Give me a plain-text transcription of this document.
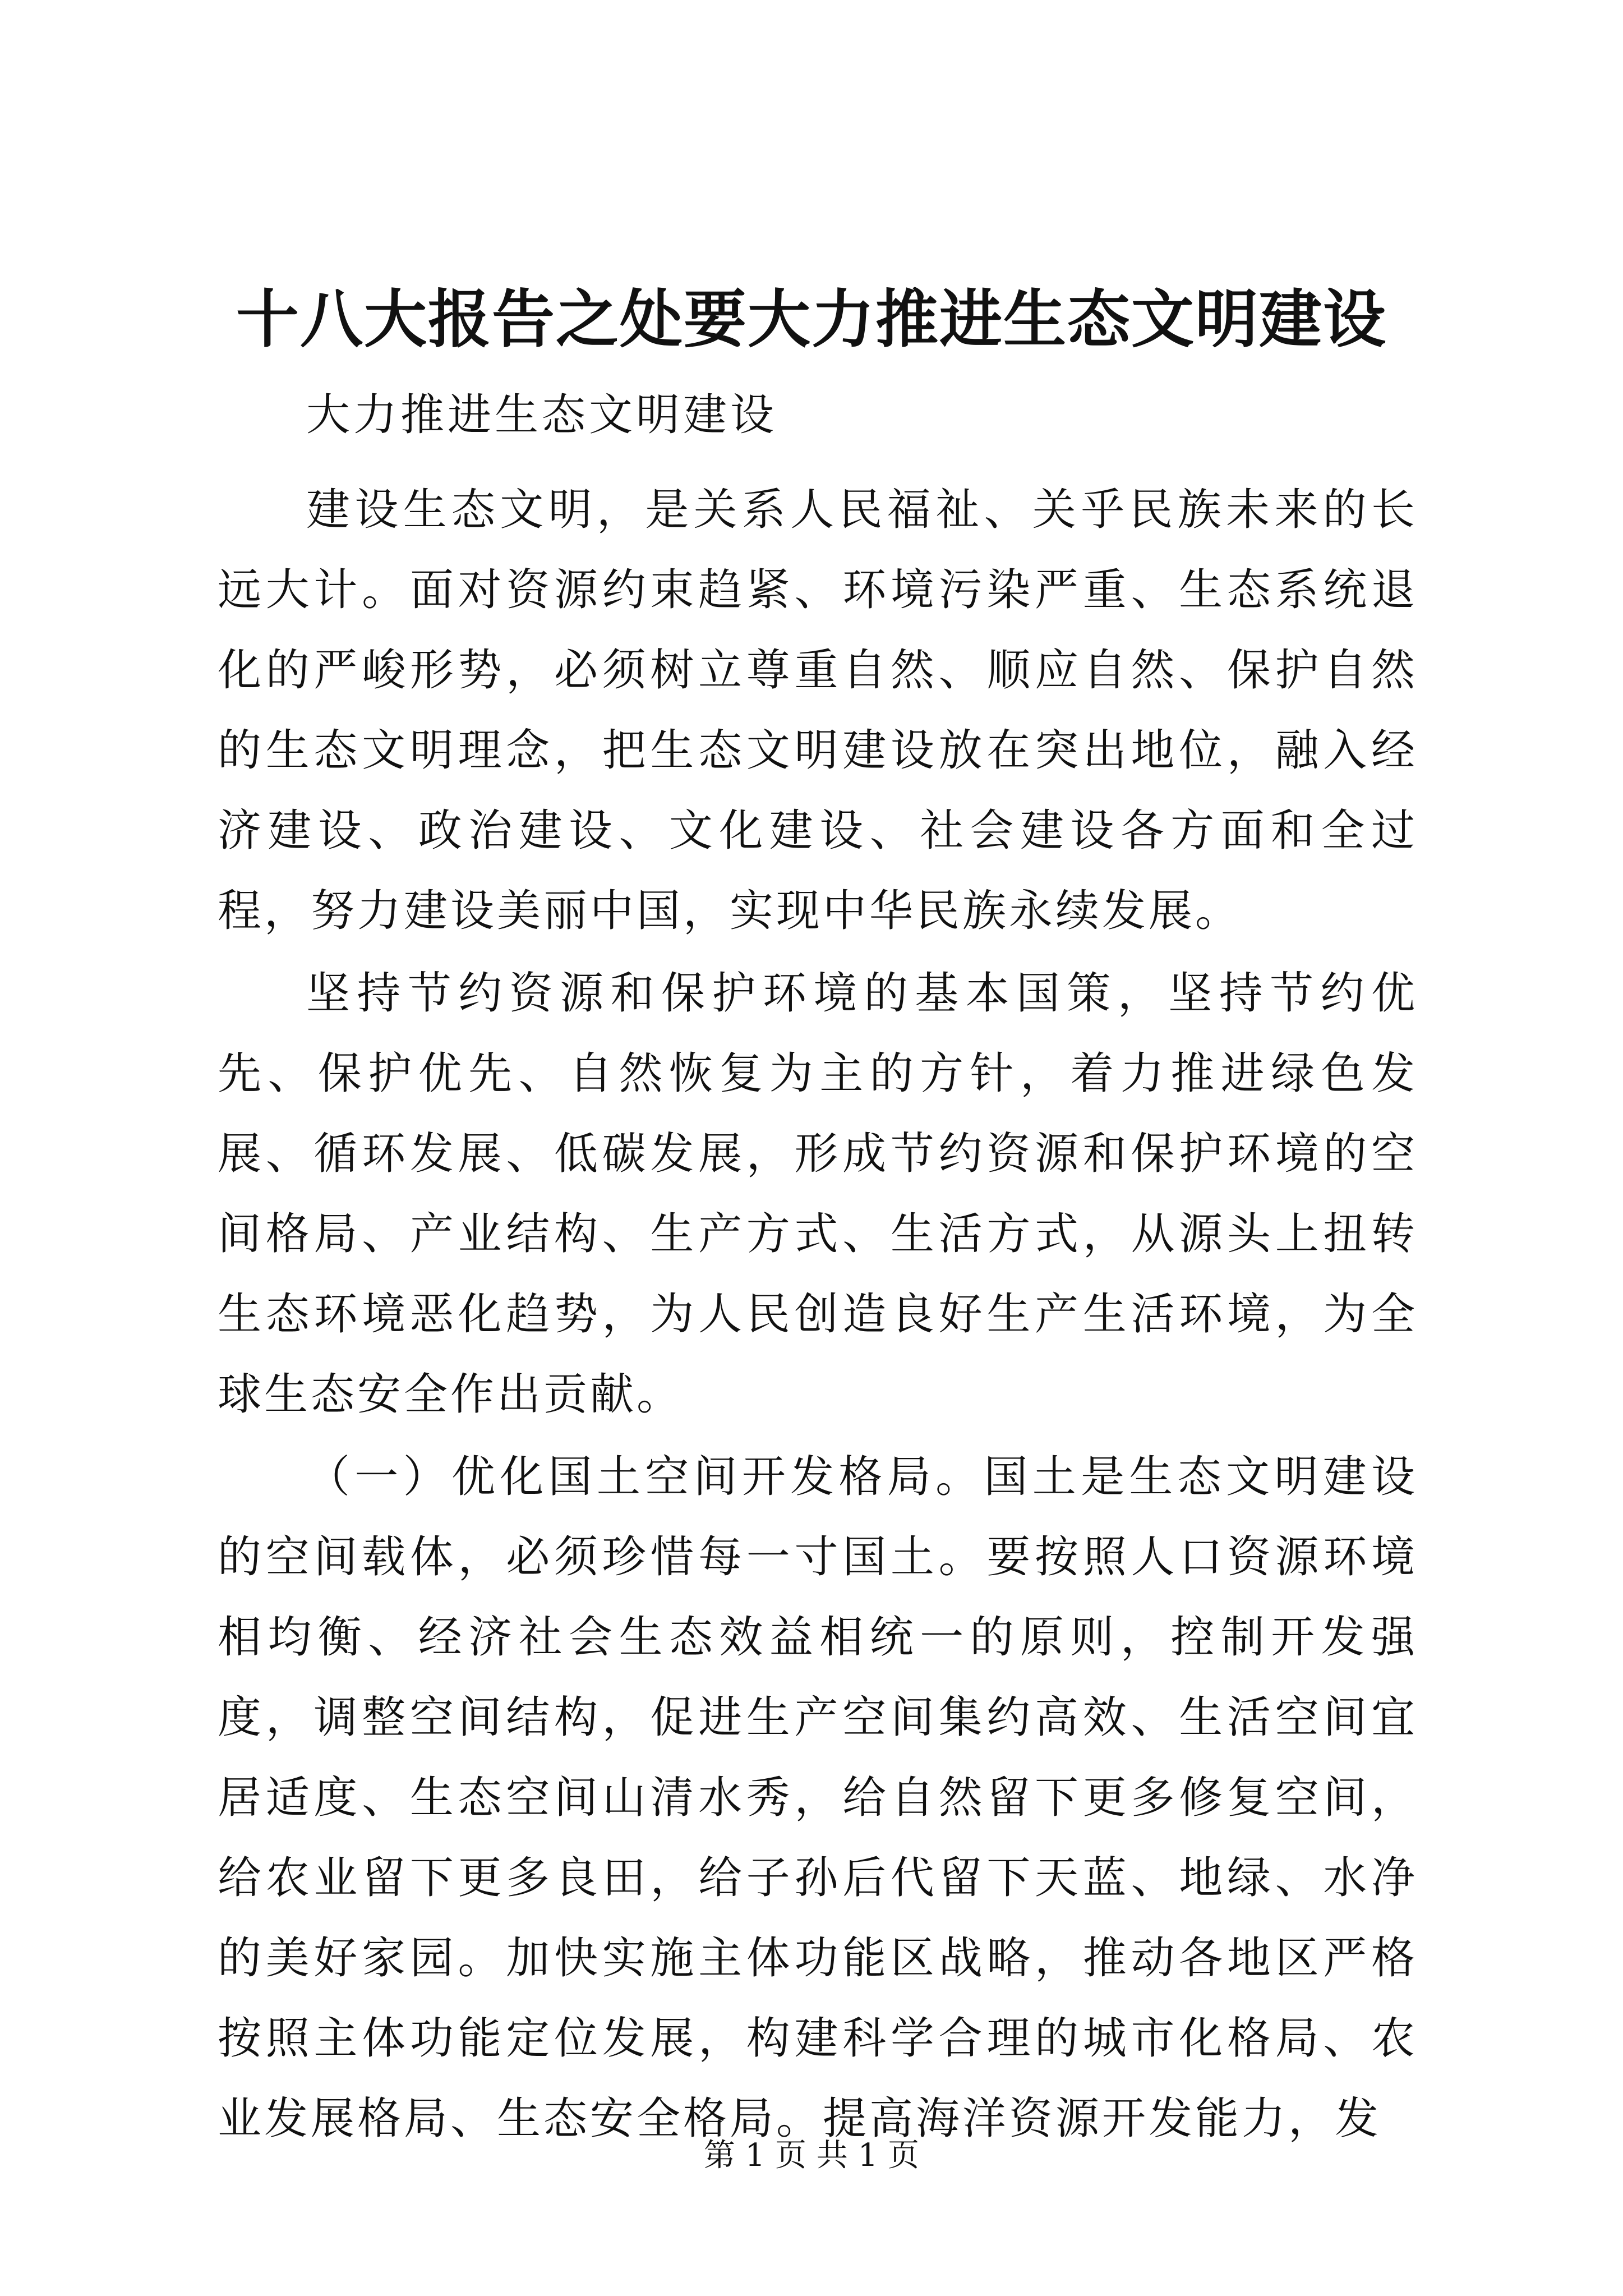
十八大报告之处要大力推进生态文明建设
大力推进生态文明建设

建设生态文明，是关系人民福祉、关乎民族未来的长远大计。面对资源约束趋紧、环境污染严重、生态系统退化的严峻形势，必须树立尊重自然、顺应自然、保护自然的生态文明理念，把生态文明建设放在突出地位，融入经济建设、政治建设、文化建设、社会建设各方面和全过程，努力建设美丽中国，实现中华民族永续发展。

坚持节约资源和保护环境的基本国策，坚持节约优先、保护优先、自然恢复为主的方针，着力推进绿色发展、循环发展、低碳发展，形成节约资源和保护环境的空间格局、产业结构、生产方式、生活方式，从源头上扭转生态环境恶化趋势，为人民创造良好生产生活环境，为全球生态安全作出贡献。

（一）优化国土空间开发格局。国土是生态文明建设的空间载体，必须珍惜每一寸国土。要按照人口资源环境相均衡、经济社会生态效益相统一的原则，控制开发强度，调整空间结构，促进生产空间集约高效、生活空间宜居适度、生态空间山清水秀，给自然留下更多修复空间，给农业留下更多良田，给子孙后代留下天蓝、地绿、水净的美好家园。加快实施主体功能区战略，推动各地区严格按照主体功能定位发展，构建科学合理的城市化格局、农业发展格局、生态安全格局。提高海洋资源开发能力，发

第 1 页 共 1 页
